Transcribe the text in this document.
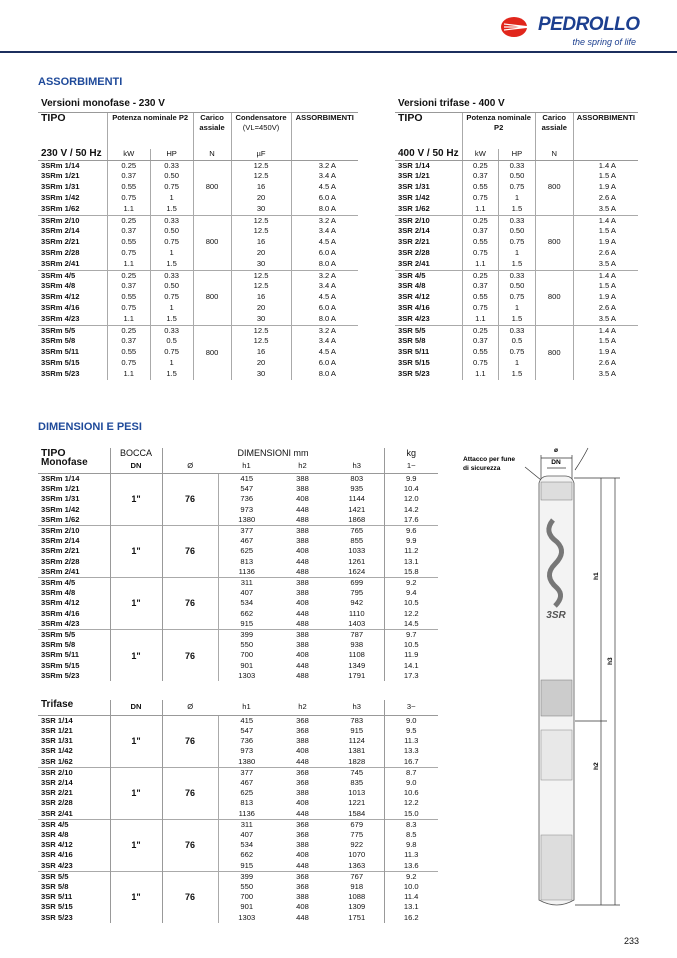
PEDROLLO
the spring of life
ASSORBIMENTI
DIMENSIONI E PESI
Versioni monofase - 230 V					
TIPO	Potenza nominale P2		Carico assiale	Condensatore
(VL=450V)	ASSORBIMENTI
230 V / 50 Hz	kW	HP	N	µF	
3SRm 1/14	0.25	0.33	800	12.5	3.2 A
3SRm 1/21	0.37	0.50		12.5	3.4 A
3SRm 1/31	0.55	0.75		16	4.5 A
3SRm 1/42	0.75	1		20	6.0 A
3SRm 1/62	1.1	1.5		30	8.0 A
3SRm 2/10	0.25	0.33	800	12.5	3.2 A
3SRm 2/14	0.37	0.50		12.5	3.4 A
3SRm 2/21	0.55	0.75		16	4.5 A
3SRm 2/28	0.75	1		20	6.0 A
3SRm 2/41	1.1	1.5		30	8.0 A
3SRm 4/5	0.25	0.33	800	12.5	3.2 A
3SRm 4/8	0.37	0.50		12.5	3.4 A
3SRm 4/12	0.55	0.75		16	4.5 A
3SRm 4/16	0.75	1		20	6.0 A
3SRm 4/23	1.1	1.5		30	8.0 A
3SRm 5/5	0.25	0.33	800	12.5	3.2 A
3SRm 5/8	0.37	0.5		12.5	3.4 A
3SRm 5/11	0.55	0.75		16	4.5 A
3SRm 5/15	0.75	1		20	6.0 A
3SRm 5/23	1.1	1.5		30	8.0 A
Versioni trifase - 400 V				
TIPO	Potenza nominale P2		Carico assiale	ASSORBIMENTI
400 V / 50 Hz	kW	HP	N	
3SR 1/14	0.25	0.33	800	1.4 A
3SR 1/21	0.37	0.50		1.5 A
3SR 1/31	0.55	0.75		1.9 A
3SR 1/42	0.75	1		2.6 A
3SR 1/62	1.1	1.5		3.5 A
3SR 2/10	0.25	0.33	800	1.4 A
3SR 2/14	0.37	0.50		1.5 A
3SR 2/21	0.55	0.75		1.9 A
3SR 2/28	0.75	1		2.6 A
3SR 2/41	1.1	1.5		3.5 A
3SR 4/5	0.25	0.33	800	1.4 A
3SR 4/8	0.37	0.50		1.5 A
3SR 4/12	0.55	0.75		1.9 A
3SR 4/16	0.75	1		2.6 A
3SR 4/23	1.1	1.5		3.5 A
3SR 5/5	0.25	0.33	800	1.4 A
3SR 5/8	0.37	0.5		1.5 A
3SR 5/11	0.55	0.75		1.9 A
3SR 5/15	0.75	1		2.6 A
3SR 5/23	1.1	1.5		3.5 A
TIPO	BOCCA	DIMENSIONI mm				kg
Monofase	DN	Ø	h1	h2	h3	1~
3SRm 1/14	1"	76	415	388	803	9.9
3SRm 1/21			547	388	935	10.4
3SRm 1/31			736	408	1144	12.0
3SRm 1/42			973	448	1421	14.2
3SRm 1/62			1380	488	1868	17.6
3SRm 2/10	1"	76	377	388	765	9.6
3SRm 2/14			467	388	855	9.9
3SRm 2/21			625	408	1033	11.2
3SRm 2/28			813	448	1261	13.1
3SRm 2/41			1136	488	1624	15.8
3SRm 4/5	1"	76	311	388	699	9.2
3SRm 4/8			407	388	795	9.4
3SRm 4/12			534	408	942	10.5
3SRm 4/16			662	448	1110	12.2
3SRm 4/23			915	488	1403	14.5
3SRm 5/5	1"	76	399	388	787	9.7
3SRm 5/8			550	388	938	10.5
3SRm 5/11			700	408	1108	11.9
3SRm 5/15			901	448	1349	14.1
3SRm 5/23			1303	488	1791	17.3
Trifase	DN	Ø	h1	h2	h3	3~
3SR 1/14	1"	76	415	368	783	9.0
3SR 1/21			547	368	915	9.5
3SR 1/31			736	388	1124	11.3
3SR 1/42			973	408	1381	13.3
3SR 1/62			1380	448	1828	16.7
3SR 2/10	1"	76	377	368	745	8.7
3SR 2/14			467	368	835	9.0
3SR 2/21			625	388	1013	10.6
3SR 2/28			813	408	1221	12.2
3SR 2/41			1136	448	1584	15.0
3SR 4/5	1"	76	311	368	679	8.3
3SR 4/8			407	368	775	8.5
3SR 4/12			534	388	922	9.8
3SR 4/16			662	408	1070	11.3
3SR 4/23			915	448	1363	13.6
3SR 5/5	1"	76	399	368	767	9.2
3SR 5/8			550	368	918	10.0
3SR 5/11			700	388	1088	11.4
3SR 5/15			901	408	1309	13.1
3SR 5/23			1303	448	1751	16.2
3SR
ø
DN
Attacco per fune
di sicurezza
h1
h3
h2
233
